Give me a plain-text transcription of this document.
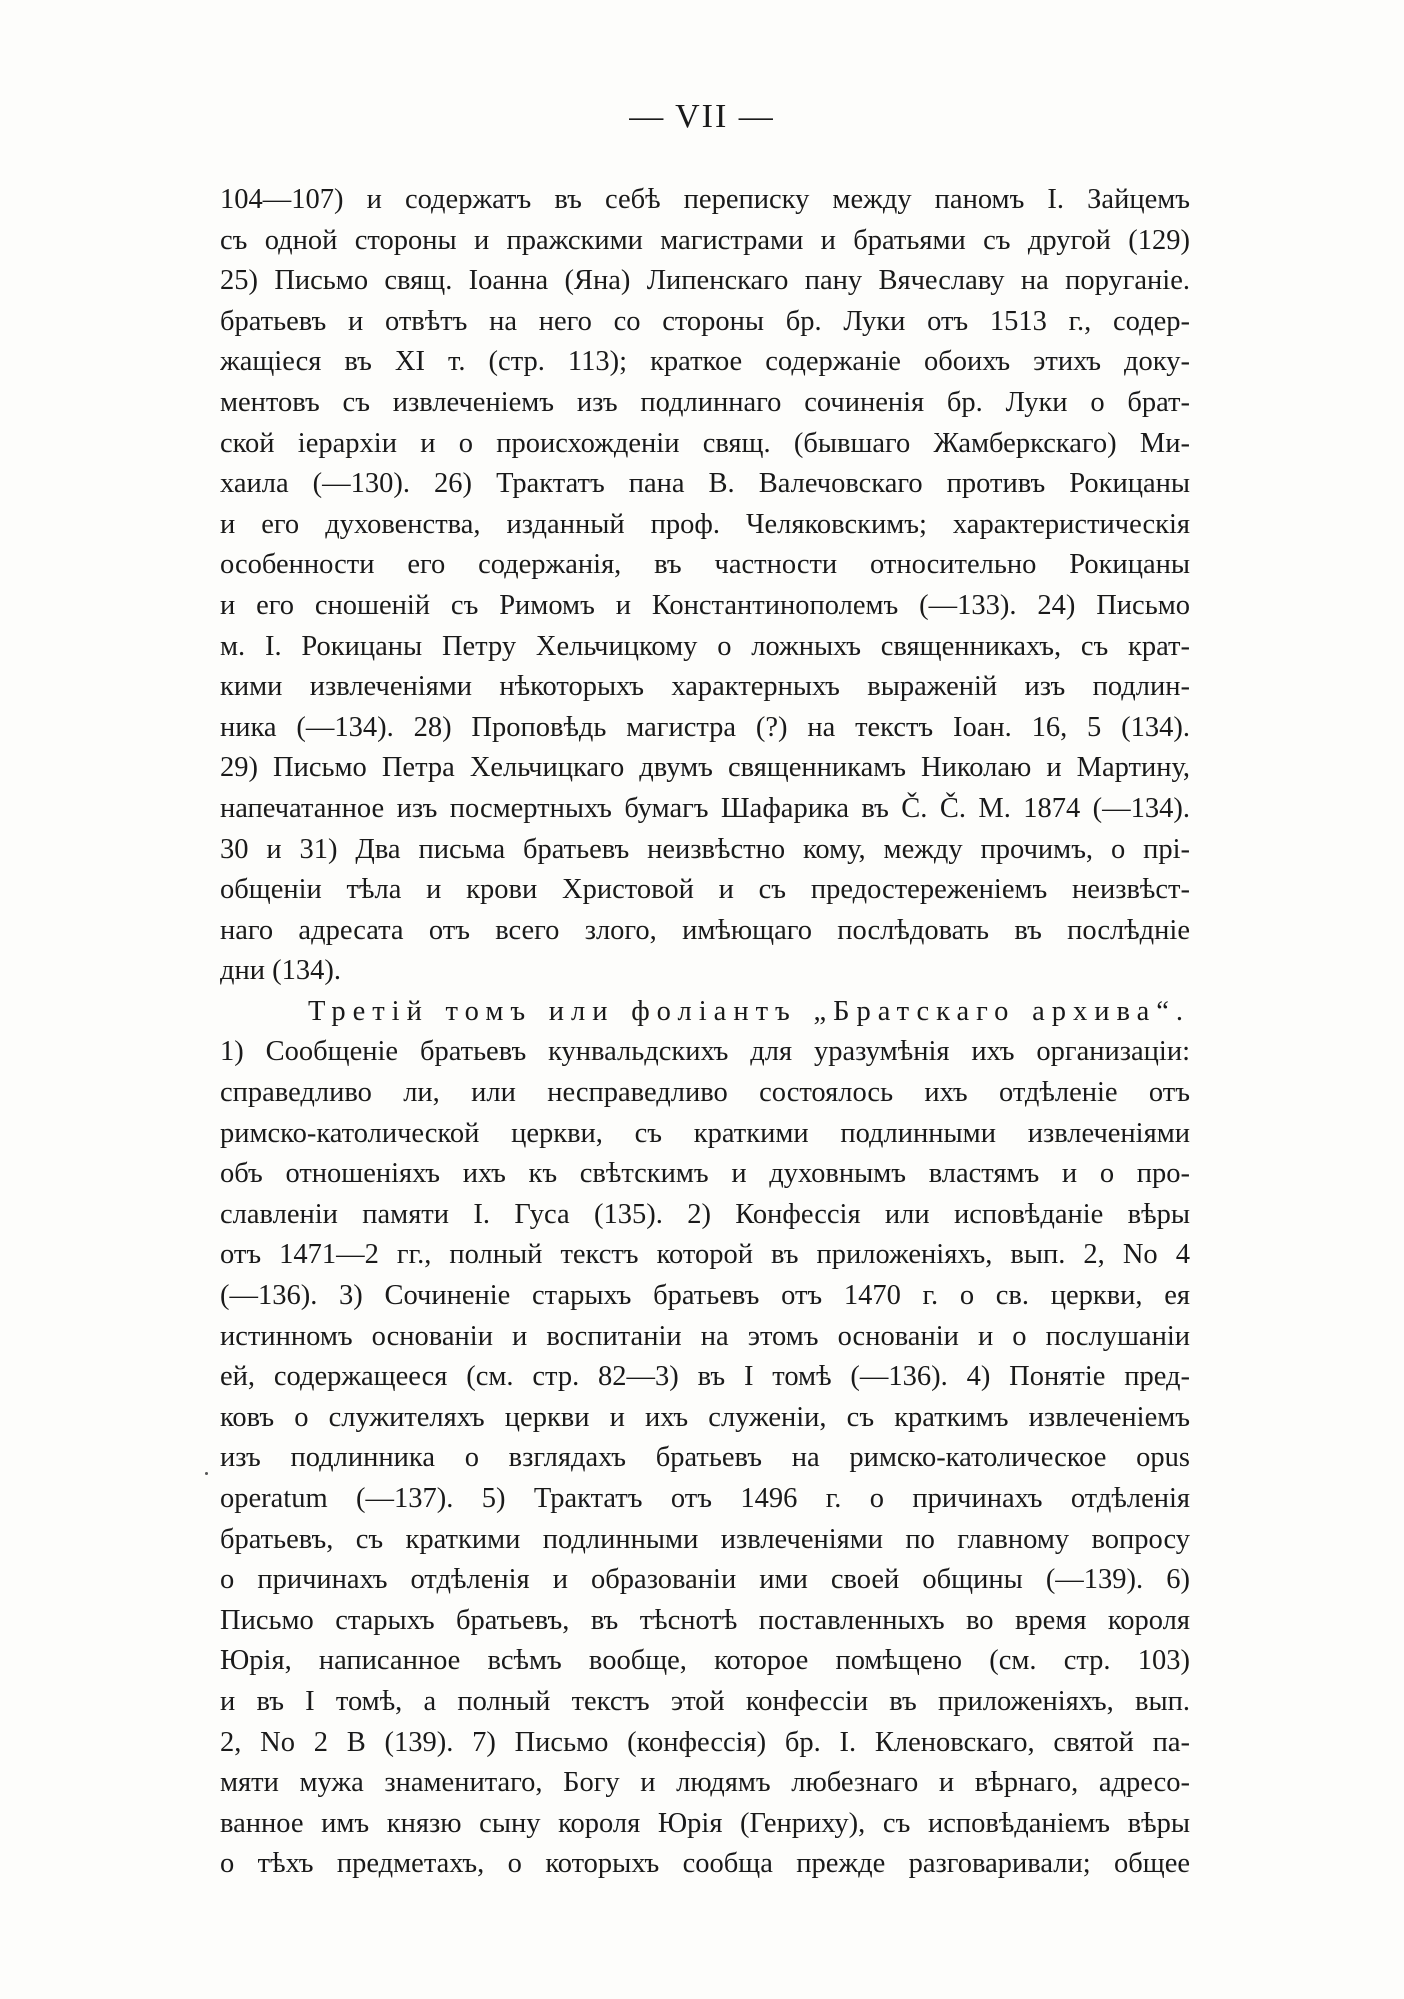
— VII —
104—107) и содержатъ въ себѣ переписку между паномъ I. Зайцемъ
съ одной стороны и пражскими магистрами и братьями съ другой (129)
25) Письмо свящ. Іоанна (Яна) Липенскаго пану Вячеславу на поруганіе.
братьевъ и отвѣтъ на него со стороны бр. Луки отъ 1513 г., содер-
жащіеся въ XI т. (стр. 113); краткое содержаніе обоихъ этихъ доку-
ментовъ съ извлеченіемъ изъ подлиннаго сочиненія бр. Луки о брат-
ской іерархіи и о происхожденіи свящ. (бывшаго Жамберкскаго) Ми-
хаила (—130). 26) Трактатъ пана В. Валечовскаго противъ Рокицаны
и его духовенства, изданный проф. Челяковскимъ; характеристическія
особенности его содержанія, въ частности относительно Рокицаны
и его сношеній съ Римомъ и Константинополемъ (—133). 24) Письмо
м. I. Рокицаны Петру Хельчицкому о ложныхъ священникахъ, съ крат-
кими извлеченіями нѣкоторыхъ характерныхъ выраженій изъ подлин-
ника (—134). 28) Проповѣдь магистра (?) на текстъ Іоан. 16, 5 (134).
29) Письмо Петра Хельчицкаго двумъ священникамъ Николаю и Мартину,
напечатанное изъ посмертныхъ бумагъ Шафарика въ Č. Č. M. 1874 (—134).
30 и 31) Два письма братьевъ неизвѣстно кому, между прочимъ, о прі-
общеніи тѣла и крови Христовой и съ предостереженіемъ неизвѣст-
наго адресата отъ всего злого, имѣющаго послѣдовать въ послѣдніе
дни (134).
Третій томъ или фоліантъ „Братскаго архива“.
1) Сообщеніе братьевъ кунвальдскихъ для уразумѣнія ихъ организаціи:
справедливо ли, или несправедливо состоялось ихъ отдѣленіе отъ
римско-католической церкви, съ краткими подлинными извлеченіями
объ отношеніяхъ ихъ къ свѣтскимъ и духовнымъ властямъ и о про-
славленіи памяти I. Гуса (135). 2) Конфессія или исповѣданіе вѣры
отъ 1471—2 гг., полный текстъ которой въ приложеніяхъ, вып. 2, No 4
(—136). 3) Сочиненіе старыхъ братьевъ отъ 1470 г. о св. церкви, ея
истинномъ основаніи и воспитаніи на этомъ основаніи и о послушаніи
ей, содержащееся (см. стр. 82—3) въ I томѣ (—136). 4) Понятіе пред-
ковъ о служителяхъ церкви и ихъ служеніи, съ краткимъ извлеченіемъ
изъ подлинника о взглядахъ братьевъ на римско-католическое opus
operatum (—137). 5) Трактатъ отъ 1496 г. о причинахъ отдѣленія
братьевъ, съ краткими подлинными извлеченіями по главному вопросу
о причинахъ отдѣленія и образованіи ими своей общины (—139). 6)
Письмо старыхъ братьевъ, въ тѣснотѣ поставленныхъ во время короля
Юрія, написанное всѣмъ вообще, которое помѣщено (см. стр. 103)
и въ I томѣ, а полный текстъ этой конфессіи въ приложеніяхъ, вып.
2, No 2 B (139). 7) Письмо (конфессія) бр. I. Кленовскаго, святой па-
мяти мужа знаменитаго, Богу и людямъ любезнаго и вѣрнаго, адресо-
ванное имъ князю сыну короля Юрія (Генриху), съ исповѣданіемъ вѣры
о тѣхъ предметахъ, о которыхъ сообща прежде разговаривали; общее
